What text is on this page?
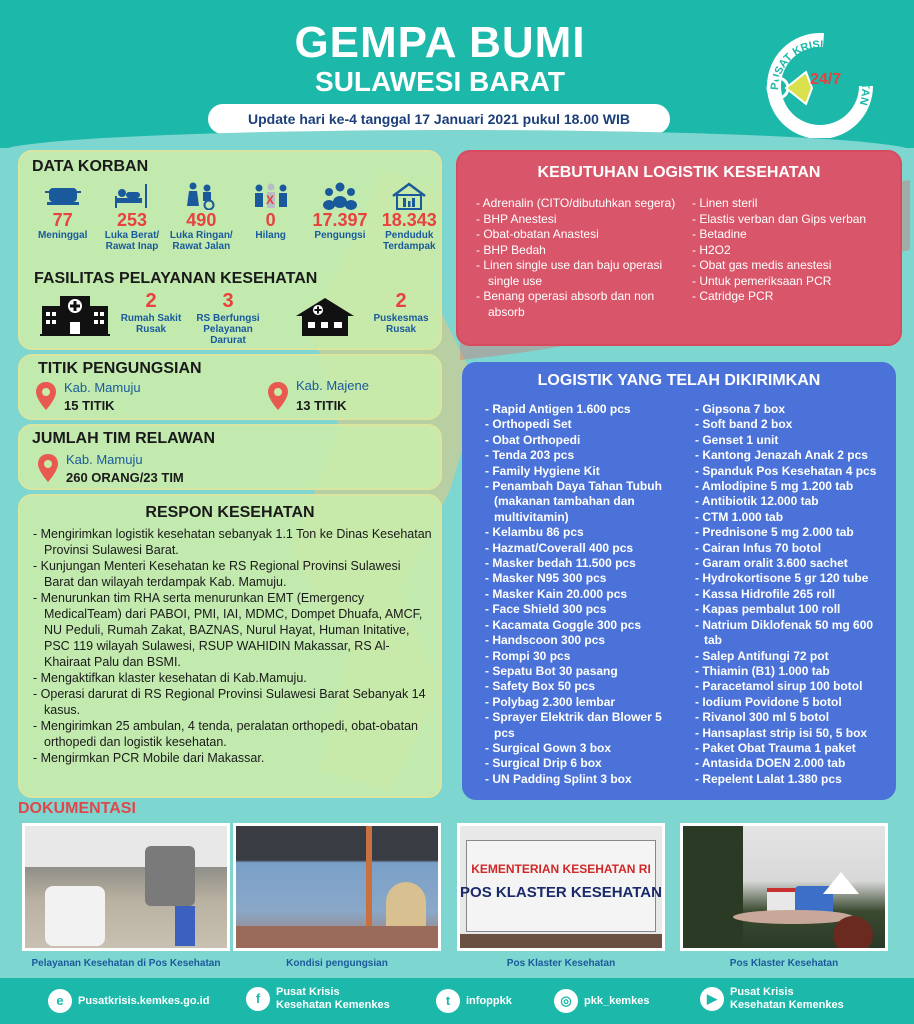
GEMPA BUMI
SULAWESI BARAT
Update hari ke-4 tanggal 17 Januari 2021 pukul 18.00 WIB
PUSAT KRISIS KESEHATAN
24/7
DATA KORBAN
77
Meninggal
253
Luka Berat/
Rawat Inap
490
Luka Ringan/
Rawat Jalan
X
0
Hilang
17.397
Pengungsi
18.343
Penduduk
Terdampak
FASILITAS PELAYANAN KESEHATAN
2
Rumah Sakit
Rusak
3
RS Berfungsi
Pelayanan
Darurat
2
Puskesmas
Rusak
TITIK PENGUNGSIAN
Kab. Mamuju
15 TITIK
Kab. Majene
13 TITIK
JUMLAH TIM RELAWAN
Kab. Mamuju
260 ORANG/23 TIM
RESPON KESEHATAN
- Mengirimkan logistik kesehatan sebanyak 1.1 Ton ke Dinas Kesehatan Provinsi Sulawesi Barat.
- Kunjungan Menteri Kesehatan ke RS Regional Provinsi Sulawesi Barat dan wilayah terdampak Kab. Mamuju.
- Menurunkan tim RHA serta menurunkan EMT (Emergency MedicalTeam) dari PABOI, PMI, IAI, MDMC, Dompet Dhuafa, AMCF, NU Peduli, Rumah Zakat, BAZNAS, Nurul Hayat, Human Initative, PSC 119 wilayah Sulawesi, RSUP WAHIDIN Makassar, RS Al-Khairaat Palu dan BSMI.
- Mengaktifkan klaster kesehatan di Kab.Mamuju.
- Operasi darurat di RS Regional Provinsi Sulawesi Barat Sebanyak 14 kasus.
- Mengirimkan 25 ambulan, 4 tenda, peralatan orthopedi, obat-obatan orthopedi dan logistik kesehatan.
- Mengirmkan PCR Mobile dari Makassar.
KEBUTUHAN LOGISTIK KESEHATAN
- Adrenalin (CITO/dibutuhkan segera)
- BHP Anestesi
- Obat-obatan Anastesi
- BHP Bedah
- Linen single use dan baju operasi single use
- Benang operasi absorb dan non absorb
- Linen steril
- Elastis verban dan Gips verban
- Betadine
- H2O2
- Obat gas medis anestesi
- Untuk pemeriksaan PCR
- Catridge PCR
LOGISTIK YANG TELAH DIKIRIMKAN
- Rapid Antigen 1.600 pcs
- Orthopedi Set
- Obat Orthopedi
- Tenda 203 pcs
- Family Hygiene Kit
- Penambah Daya Tahan Tubuh (makanan tambahan dan multivitamin)
- Kelambu 86 pcs
- Hazmat/Coverall 400 pcs
- Masker bedah 11.500 pcs
- Masker N95 300 pcs
- Masker Kain 20.000 pcs
- Face Shield 300 pcs
- Kacamata Goggle 300 pcs
- Handscoon 300 pcs
- Rompi 30 pcs
- Sepatu Bot 30 pasang
- Safety Box 50 pcs
- Polybag 2.300 lembar
- Sprayer Elektrik dan Blower 5 pcs
- Surgical Gown 3 box
- Surgical Drip 6 box
- UN Padding Splint 3 box
- Gipsona 7 box
- Soft band 2 box
- Genset 1 unit
- Kantong Jenazah Anak 2 pcs
- Spanduk Pos Kesehatan 4 pcs
- Amlodipine 5 mg 1.200 tab
- Antibiotik 12.000 tab
- CTM 1.000 tab
- Prednisone 5 mg 2.000 tab
- Cairan Infus 70 botol
- Garam oralit 3.600 sachet
- Hydrokortisone 5 gr 120 tube
- Kassa Hidrofile 265 roll
- Kapas pembalut 100 roll
- Natrium Diklofenak 50 mg 600 tab
- Salep Antifungi 72 pot
- Thiamin (B1) 1.000 tab
- Paracetamol sirup 100 botol
- Iodium Povidone 5 botol
- Rivanol 300 ml 5 botol
- Hansaplast strip isi 50, 5 box
- Paket Obat Trauma 1 paket
- Antasida DOEN 2.000 tab
- Repelent Lalat 1.380 pcs
DOKUMENTASI
Pelayanan Kesehatan di Pos Kesehatan	Kondisi pengungsian
KEMENTERIAN KESEHATAN RI
POS KLASTER KESEHATAN
Pos Klaster Kesehatan	Pos Klaster Kesehatan
e	Pusatkrisis.kemkes.go.id	f	Pusat Krisis
Kesehatan Kemenkes	t	infoppkk	◎	pkk_kemkes	▶	Pusat Krisis
Kesehatan Kemenkes
